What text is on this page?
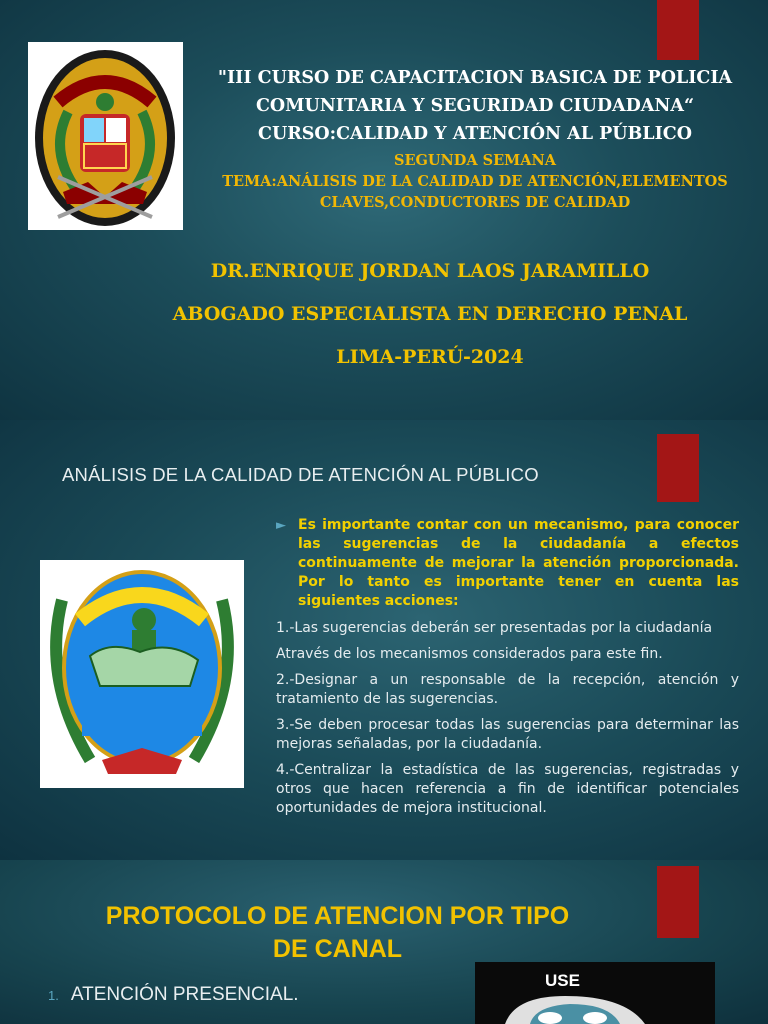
"III CURSO DE CAPACITACION BASICA DE POLICIA
COMUNITARIA Y SEGURIDAD CIUDADANA“
CURSO:CALIDAD Y ATENCIÓN AL PÚBLICO
SEGUNDA SEMANA
TEMA:ANÁLISIS DE LA CALIDAD DE ATENCIÓN,ELEMENTOS
CLAVES,CONDUCTORES DE CALIDAD
DR.ENRIQUE JORDAN LAOS JARAMILLO
ABOGADO ESPECIALISTA EN DERECHO PENAL
LIMA-PERÚ-2024
ANÁLISIS DE LA CALIDAD DE ATENCIÓN AL PÚBLICO
► Es importante contar con un mecanismo, para conocer las sugerencias de la ciudadanía a efectos continuamente de mejorar la atención proporcionada. Por lo tanto es importante tener en cuenta las siguientes acciones:
1.-Las sugerencias deberán ser presentadas por la ciudadanía
Através de los mecanismos considerados para este fin.
2.-Designar a un responsable de la recepción, atención y tratamiento de las sugerencias.
3.-Se deben procesar todas las sugerencias para determinar las mejoras señaladas, por la ciudadanía.
4.-Centralizar la estadística de las sugerencias, registradas y otros que hacen referencia a fin de identificar potenciales oportunidades de mejora institucional.
PROTOCOLO DE ATENCION POR TIPO
DE CANAL
1. ATENCIÓN PRESENCIAL.
USE
